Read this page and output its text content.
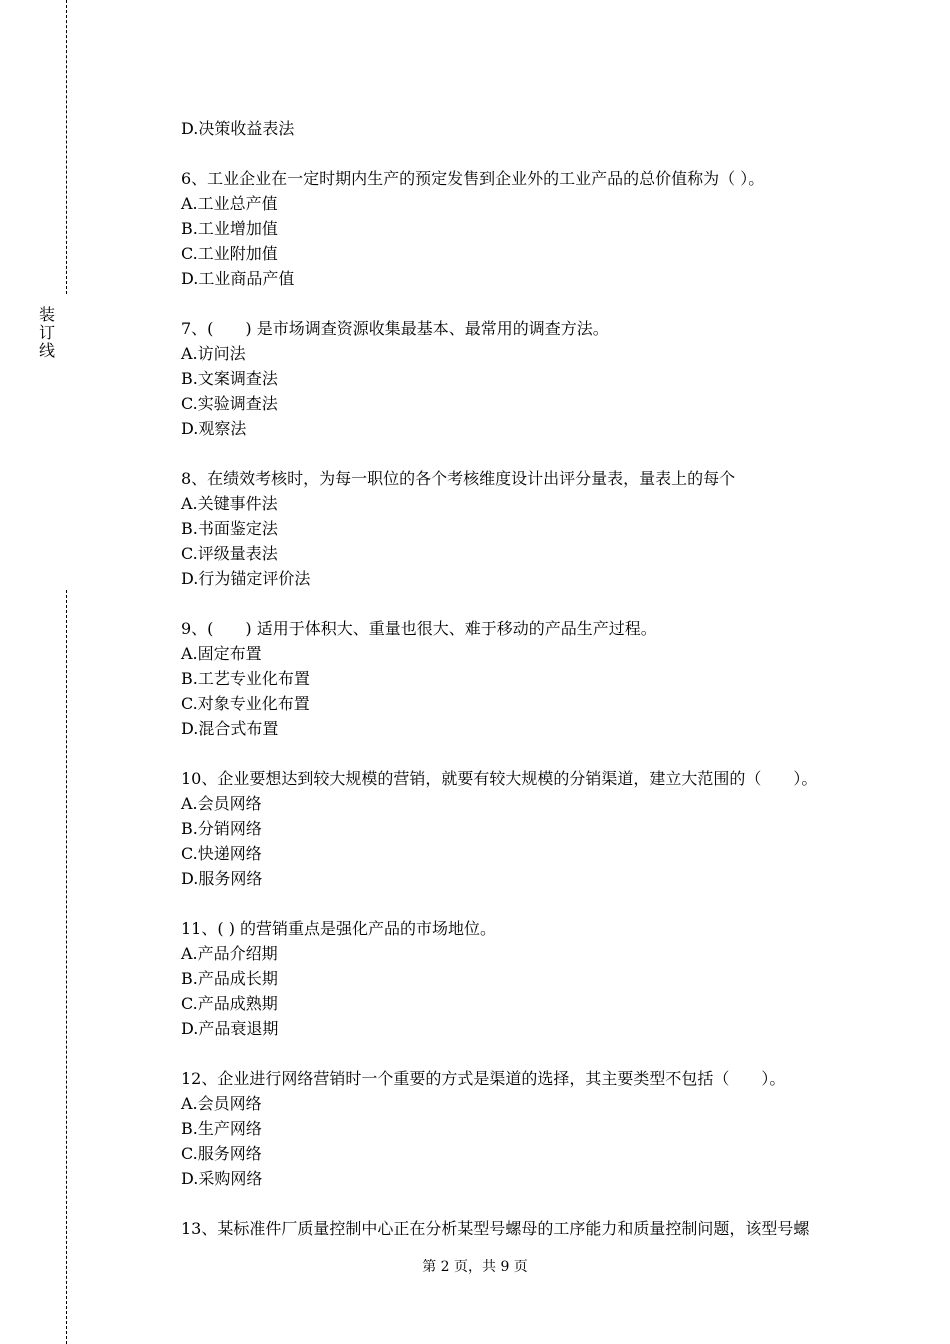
装
订
线
D.决策收益表法
6、工业企业在一定时期内生产的预定发售到企业外的工业产品的总价值称为（ ）。
A.工业总产值
B.工业增加值
C.工业附加值
D.工业商品产值
7、(　　) 是市场调查资源收集最基本、最常用的调查方法。
A.访问法
B.文案调查法
C.实验调查法
D.观察法
8、在绩效考核时，为每一职位的各个考核维度设计出评分量表，量表上的每个
A.关键事件法
B.书面鉴定法
C.评级量表法
D.行为锚定评价法
9、(　　) 适用于体积大、重量也很大、难于移动的产品生产过程。
A.固定布置
B.工艺专业化布置
C.对象专业化布置
D.混合式布置
10、企业要想达到较大规模的营销，就要有较大规模的分销渠道，建立大范围的（　　）。
A.会员网络
B.分销网络
C.快递网络
D.服务网络
11、( ) 的营销重点是强化产品的市场地位。
A.产品介绍期
B.产品成长期
C.产品成熟期
D.产品衰退期
12、企业进行网络营销时一个重要的方式是渠道的选择，其主要类型不包括（　　）。
A.会员网络
B.生产网络
C.服务网络
D.采购网络
13、某标准件厂质量控制中心正在分析某型号螺母的工序能力和质量控制问题，该型号螺
第 2 页，共 9 页
